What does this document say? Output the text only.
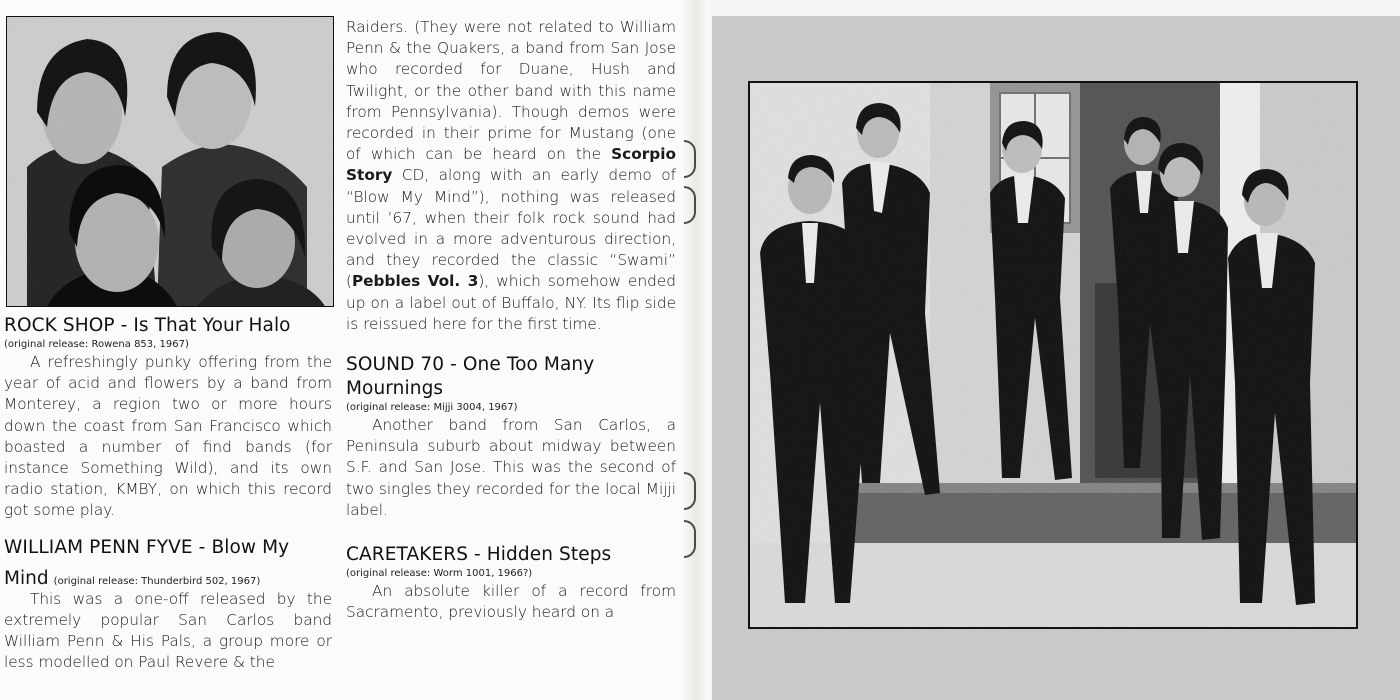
ROCK SHOP - Is That Your Halo

(original release: Rowena 853, 1967)

A refreshingly punky offering from the year of acid and flowers by a band from Monterey, a region two or more hours down the coast from San Francisco which boasted a number of find bands (for instance Something Wild), and its own radio station, KMBY, on which this record got some play.

WILLIAM PENN FYVE - Blow My
Mind (original release: Thunderbird 502, 1967)

This was a one-off released by the extremely popular San Carlos band William Penn & His Pals, a group more or less modelled on Paul Revere & the

Raiders. (They were not related to William Penn & the Quakers, a band from San Jose who recorded for Duane, Hush and Twilight, or the other band with this name from Pennsylvania). Though demos were recorded in their prime for Mustang (one of which can be heard on the Scorpio Story CD, along with an early demo of “Blow My Mind”), nothing was released until ’67, when their folk rock sound had evolved in a more adventurous direction, and they recorded the classic “Swami” (Pebbles Vol. 3), which somehow ended up on a label out of Buffalo, NY. Its flip side is reissued here for the first time.

SOUND 70 - One Too Many
Mournings

(original release: Mijji 3004, 1967)

Another band from San Carlos, a Peninsula suburb about midway between S.F. and San Jose. This was the second of two singles they recorded for the local Mijji label.

CARETAKERS - Hidden Steps

(original release: Worm 1001, 1966?)

An absolute killer of a record from Sacramento, previously heard on a
